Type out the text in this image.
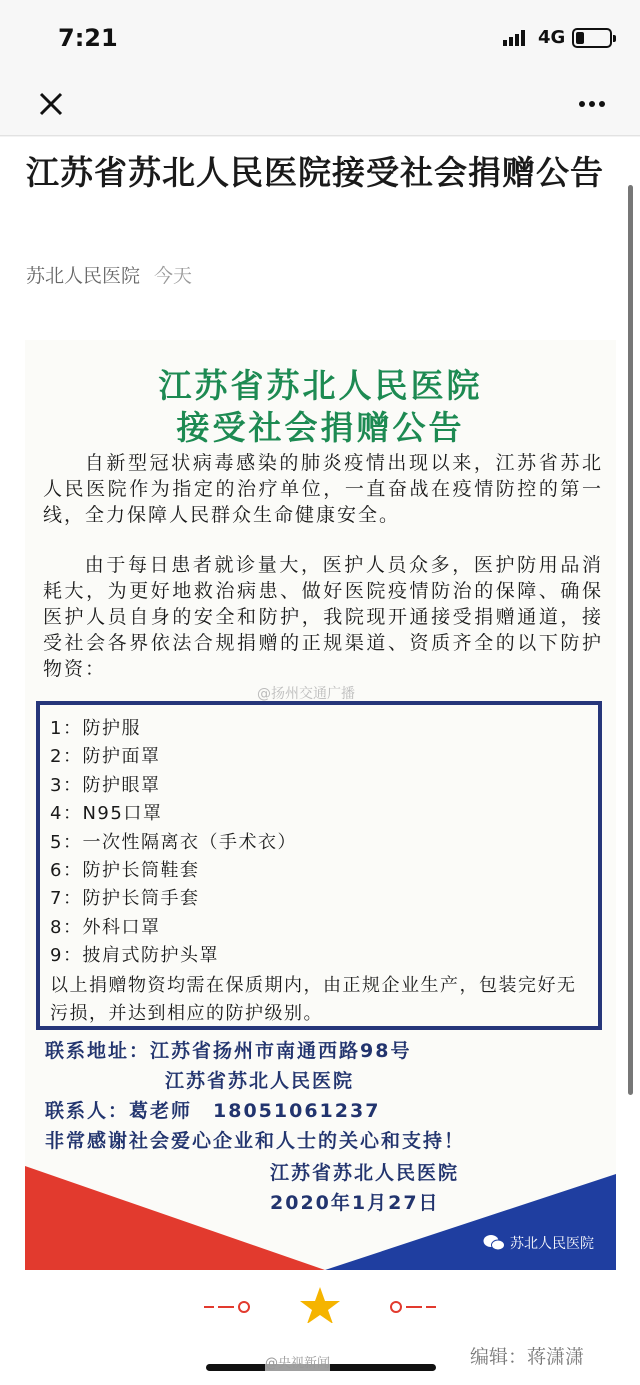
7:21	4G
江苏省苏北人民医院接受社会捐赠公告
苏北人民医院 今天
江苏省苏北人民医院
接受社会捐赠公告

自新型冠状病毒感染的肺炎疫情出现以来，江苏省苏北人民医院作为指定的治疗单位，一直奋战在疫情防控的第一线，全力保障人民群众生命健康安全。

由于每日患者就诊量大，医护人员众多，医护防用品消耗大，为更好地救治病患、做好医院疫情防治的保障、确保医护人员自身的安全和防护，我院现开通接受捐赠通道，接受社会各界依法合规捐赠的正规渠道、资质齐全的以下防护物资：

@扬州交通广播
1：防护服
2：防护面罩
3：防护眼罩
4：N95口罩
5：一次性隔离衣（手术衣）
6：防护长筒鞋套
7：防护长筒手套
8：外科口罩
9：披肩式防护头罩
以上捐赠物资均需在保质期内，由正规企业生产，包装完好无污损，并达到相应的防护级别。
联系地址：江苏省扬州市南通西路98号
江苏省苏北人民医院
联系人：葛老师　18051061237
非常感谢社会爱心企业和人士的关心和支持！
江苏省苏北人民医院
2020年1月27日
苏北人民医院
编辑：蒋潇潇
@央视新闻
